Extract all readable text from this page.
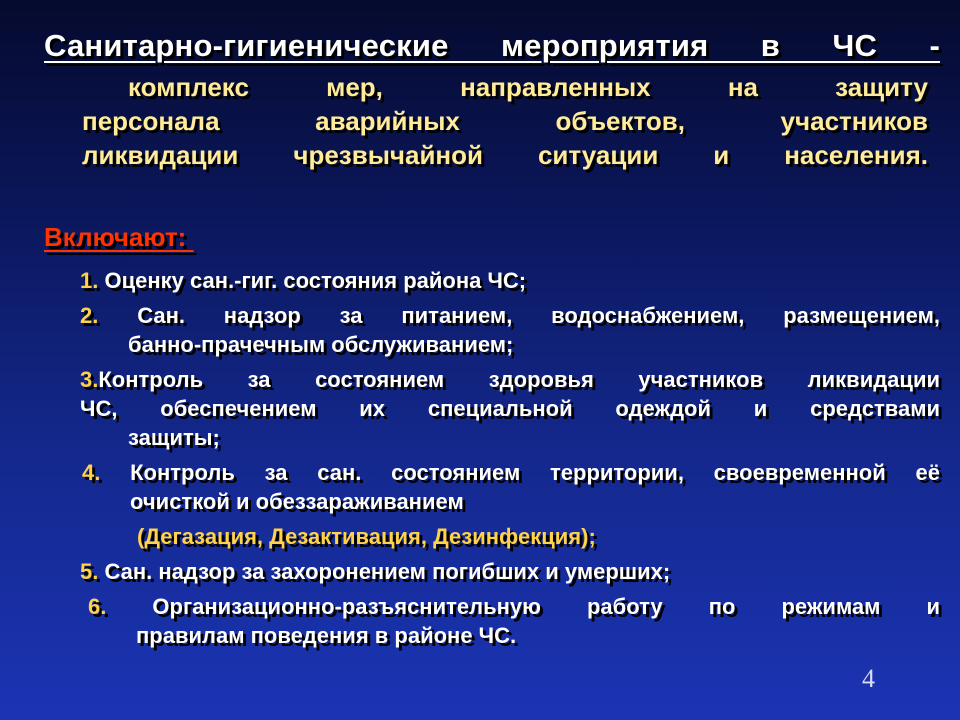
Санитарно-гигиенические мероприятия в ЧС -

комплекс мер, направленных на защиту
персонала аварийных объектов, участников
ликвидации чрезвычайной ситуации и населения.

Включают:

1. Оценку сан.-гиг. состояния района ЧС;
2. Сан. надзор за питанием, водоснабжением, размещением,
банно-прачечным обслуживанием;
3.Контроль за состоянием здоровья участников ликвидации
ЧС, обеспечением их специальной одеждой и средствами
защиты;
4. Контроль за сан. состоянием территории, своевременной её
очисткой и обеззараживанием
(Дегазация, Дезактивация, Дезинфекция);
5. Сан. надзор за захоронением погибших и умерших;
6. Организационно-разъяснительную работу по режимам и
правилам поведения в районе ЧС.
4
